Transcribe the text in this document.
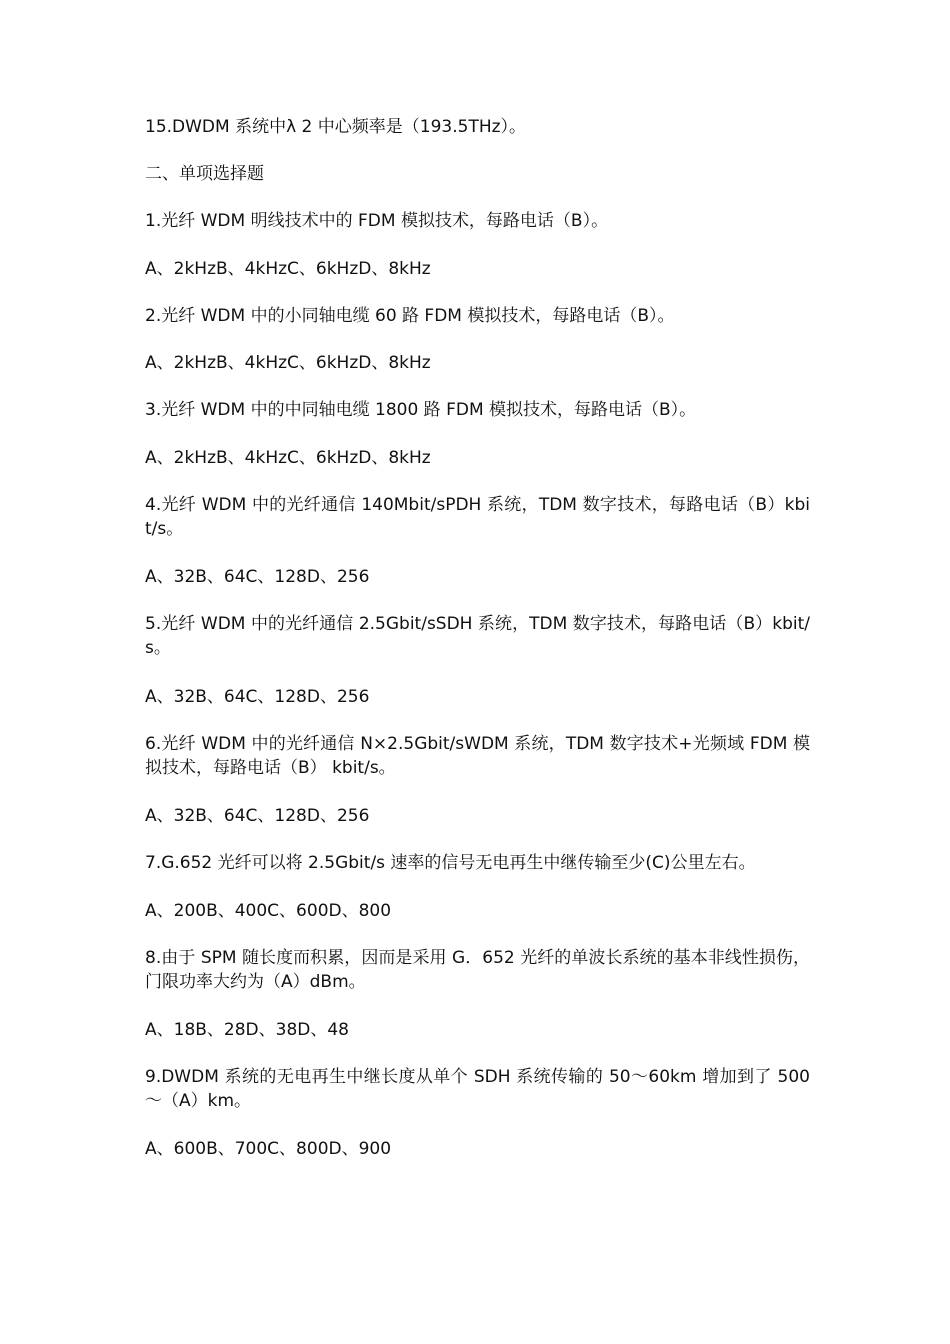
15.DWDM 系统中λ 2 中心频率是（193.5THz）。
二、单项选择题
1.光纤 WDM 明线技术中的 FDM 模拟技术，每路电话（B）。
A、2kHzB、4kHzC、6kHzD、8kHz
2.光纤 WDM 中的小同轴电缆 60 路 FDM 模拟技术，每路电话（B）。
A、2kHzB、4kHzC、6kHzD、8kHz
3.光纤 WDM 中的中同轴电缆 1800 路 FDM 模拟技术，每路电话（B）。
A、2kHzB、4kHzC、6kHzD、8kHz
4.光纤 WDM 中的光纤通信 140Mbit/sPDH 系统，TDM 数字技术，每路电话（B）kbit/s。
A、32B、64C、128D、256
5.光纤 WDM 中的光纤通信 2.5Gbit/sSDH 系统，TDM 数字技术，每路电话（B）kbit/s。
A、32B、64C、128D、256
6.光纤 WDM 中的光纤通信 N×2.5Gbit/sWDM 系统，TDM 数字技术+光频域 FDM 模拟技术，每路电话（B） kbit/s。
A、32B、64C、128D、256
7.G.652 光纤可以将 2.5Gbit/s 速率的信号无电再生中继传输至少(C)公里左右。
A、200B、400C、600D、800
8.由于 SPM 随长度而积累，因而是采用 G．652 光纤的单波长系统的基本非线性损伤，门限功率大约为（A）dBm。
A、18B、28D、38D、48
9.DWDM 系统的无电再生中继长度从单个 SDH 系统传输的 50～60km 增加到了 500～（A）km。
A、600B、700C、800D、900
